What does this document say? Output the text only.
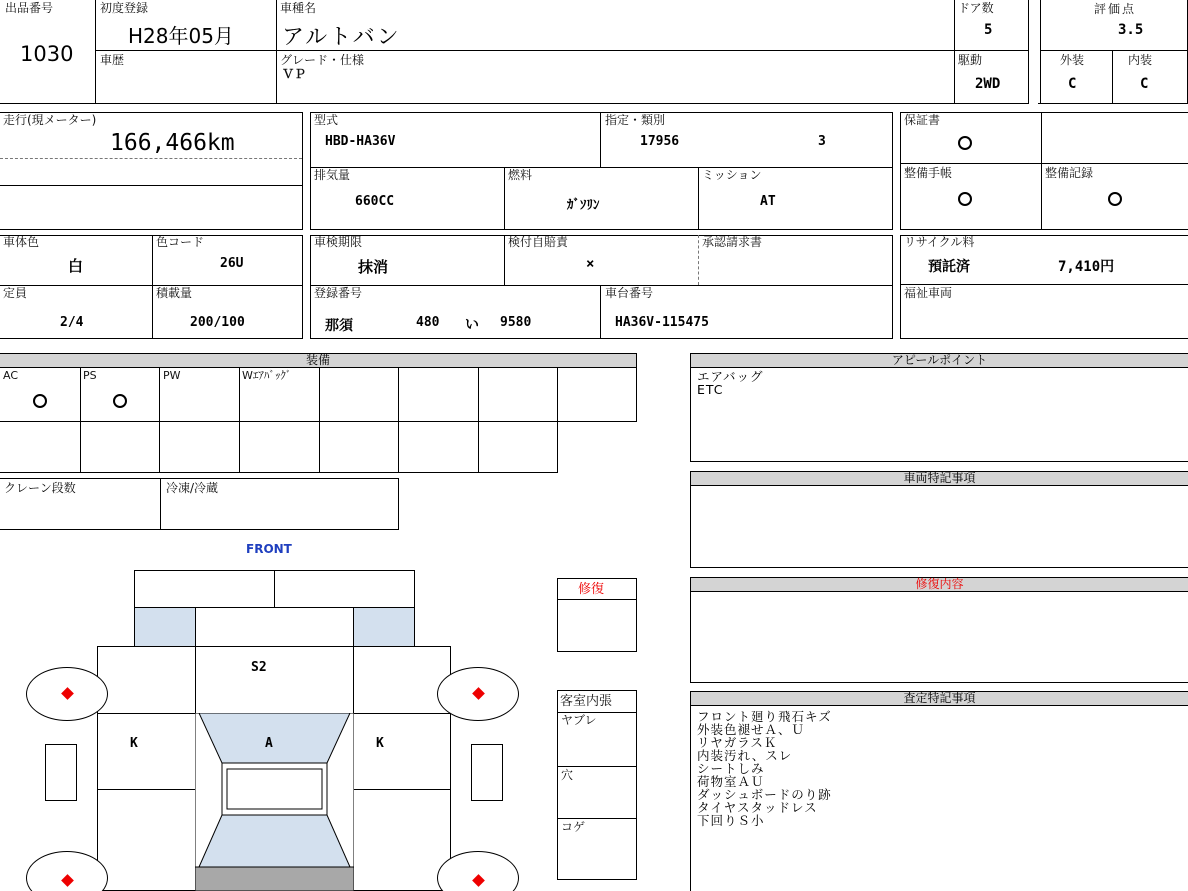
出品番号
1030
初度登録
H28年05月
車歴
車種名
アルトバン
グレード・仕様
ＶＰ
ドア数
5
駆動
2WD
評価点
3.5
外装
C
内装
C
走行(現メーター)
166,466km
型式
HBD-HA36V
指定・類別
17956	3
排気量
660CC
燃料
ｶﾞｿﾘﾝ
ミッション
AT
保証書
整備手帳	整備記録
車体色
白
色コード
26U
定員
2/4
積載量
200/100
車検期限
抹消
検付自賠責
×
承認請求書
登録番号
那須	480 い 9580
車台番号
HA36V-115475
リサイクル料
預託済	7,410円
福祉車両
装備
AC	PS	PW	Wｴｱﾊﾞｯｸﾞ
クレーン段数	冷凍/冷蔵
アピールポイント
エアバッグ
ETC
車両特記事項
修復内容
査定特記事項
フロント廻り飛石キズ
外装色褪せＡ、Ｕ
リヤガラスＫ
内装汚れ、スレ
シートしみ
荷物室ＡＵ
ダッシュボードのり跡
タイヤスタッドレス
下回りＳ小
修復
客室内張
ヤブレ
穴
コゲ
FRONT
S2
K	K
A
